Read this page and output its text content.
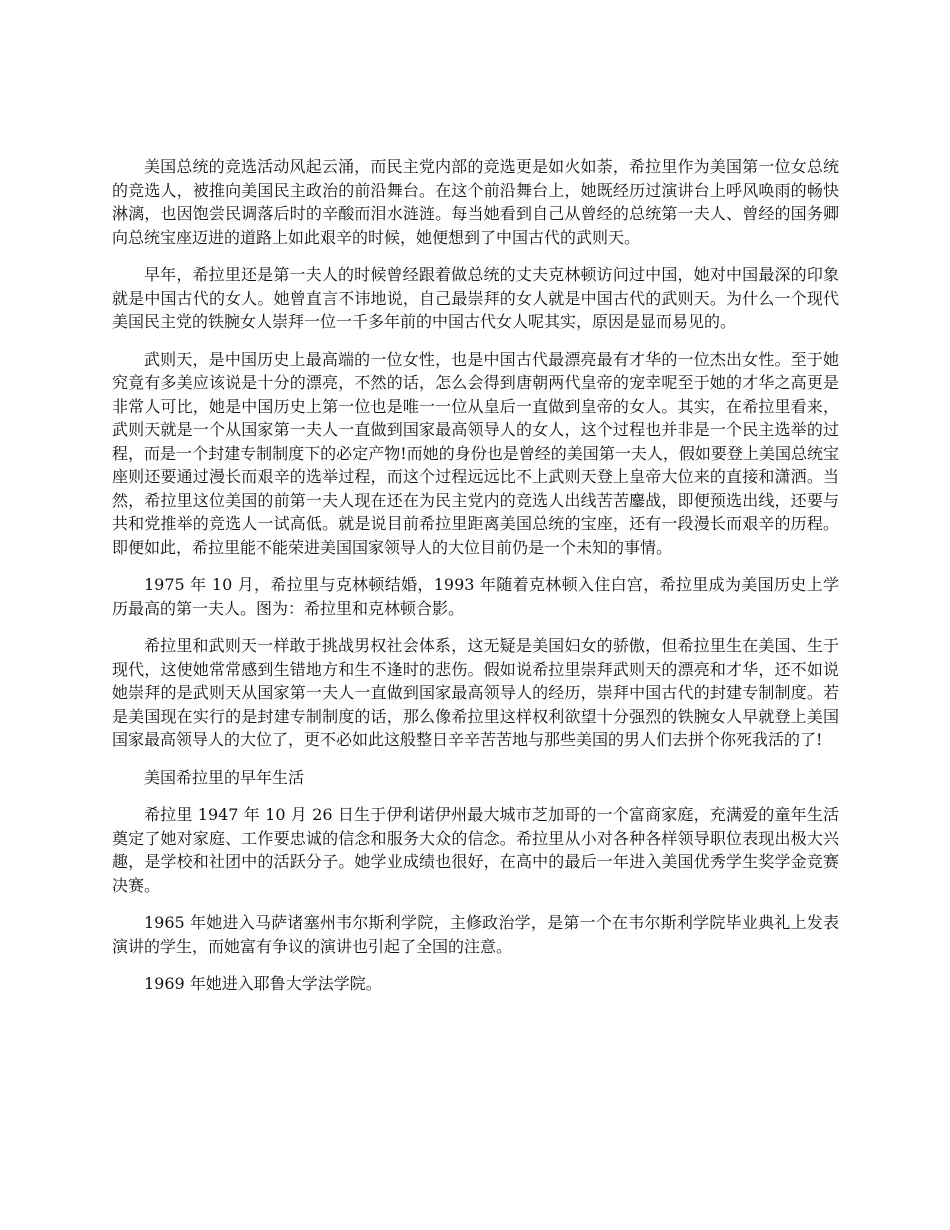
美国总统的竞选活动风起云涌，而民主党内部的竞选更是如火如荼，希拉里作为美国第一位女总统的竞选人，被推向美国民主政治的前沿舞台。在这个前沿舞台上，她既经历过演讲台上呼风唤雨的畅快淋漓，也因饱尝民调落后时的辛酸而泪水涟涟。每当她看到自己从曾经的总统第一夫人、曾经的国务卿向总统宝座迈进的道路上如此艰辛的时候，她便想到了中国古代的武则天。

早年，希拉里还是第一夫人的时候曾经跟着做总统的丈夫克林顿访问过中国，她对中国最深的印象就是中国古代的女人。她曾直言不讳地说，自己最崇拜的女人就是中国古代的武则天。为什么一个现代美国民主党的铁腕女人崇拜一位一千多年前的中国古代女人呢其实，原因是显而易见的。

武则天，是中国历史上最高端的一位女性，也是中国古代最漂亮最有才华的一位杰出女性。至于她究竟有多美应该说是十分的漂亮，不然的话，怎么会得到唐朝两代皇帝的宠幸呢至于她的才华之高更是非常人可比，她是中国历史上第一位也是唯一一位从皇后一直做到皇帝的女人。其实，在希拉里看来，武则天就是一个从国家第一夫人一直做到国家最高领导人的女人，这个过程也并非是一个民主选举的过程，而是一个封建专制制度下的必定产物!而她的身份也是曾经的美国第一夫人，假如要登上美国总统宝座则还要通过漫长而艰辛的选举过程，而这个过程远远比不上武则天登上皇帝大位来的直接和潇洒。当然，希拉里这位美国的前第一夫人现在还在为民主党内的竞选人出线苦苦鏖战，即便预选出线，还要与共和党推举的竞选人一试高低。就是说目前希拉里距离美国总统的宝座，还有一段漫长而艰辛的历程。即便如此，希拉里能不能荣进美国国家领导人的大位目前仍是一个未知的事情。

1975 年 10 月，希拉里与克林顿结婚，1993 年随着克林顿入住白宫，希拉里成为美国历史上学历最高的第一夫人。图为：希拉里和克林顿合影。

希拉里和武则天一样敢于挑战男权社会体系，这无疑是美国妇女的骄傲，但希拉里生在美国、生于现代，这使她常常感到生错地方和生不逢时的悲伤。假如说希拉里崇拜武则天的漂亮和才华，还不如说她崇拜的是武则天从国家第一夫人一直做到国家最高领导人的经历，崇拜中国古代的封建专制制度。若是美国现在实行的是封建专制制度的话，那么像希拉里这样权利欲望十分强烈的铁腕女人早就登上美国国家最高领导人的大位了，更不必如此这般整日辛辛苦苦地与那些美国的男人们去拼个你死我活的了!

美国希拉里的早年生活

希拉里 1947 年 10 月 26 日生于伊利诺伊州最大城市芝加哥的一个富商家庭，充满爱的童年生活奠定了她对家庭、工作要忠诚的信念和服务大众的信念。希拉里从小对各种各样领导职位表现出极大兴趣，是学校和社团中的活跃分子。她学业成绩也很好，在高中的最后一年进入美国优秀学生奖学金竞赛决赛。

1965 年她进入马萨诸塞州韦尔斯利学院，主修政治学，是第一个在韦尔斯利学院毕业典礼上发表演讲的学生，而她富有争议的演讲也引起了全国的注意。

1969 年她进入耶鲁大学法学院。
